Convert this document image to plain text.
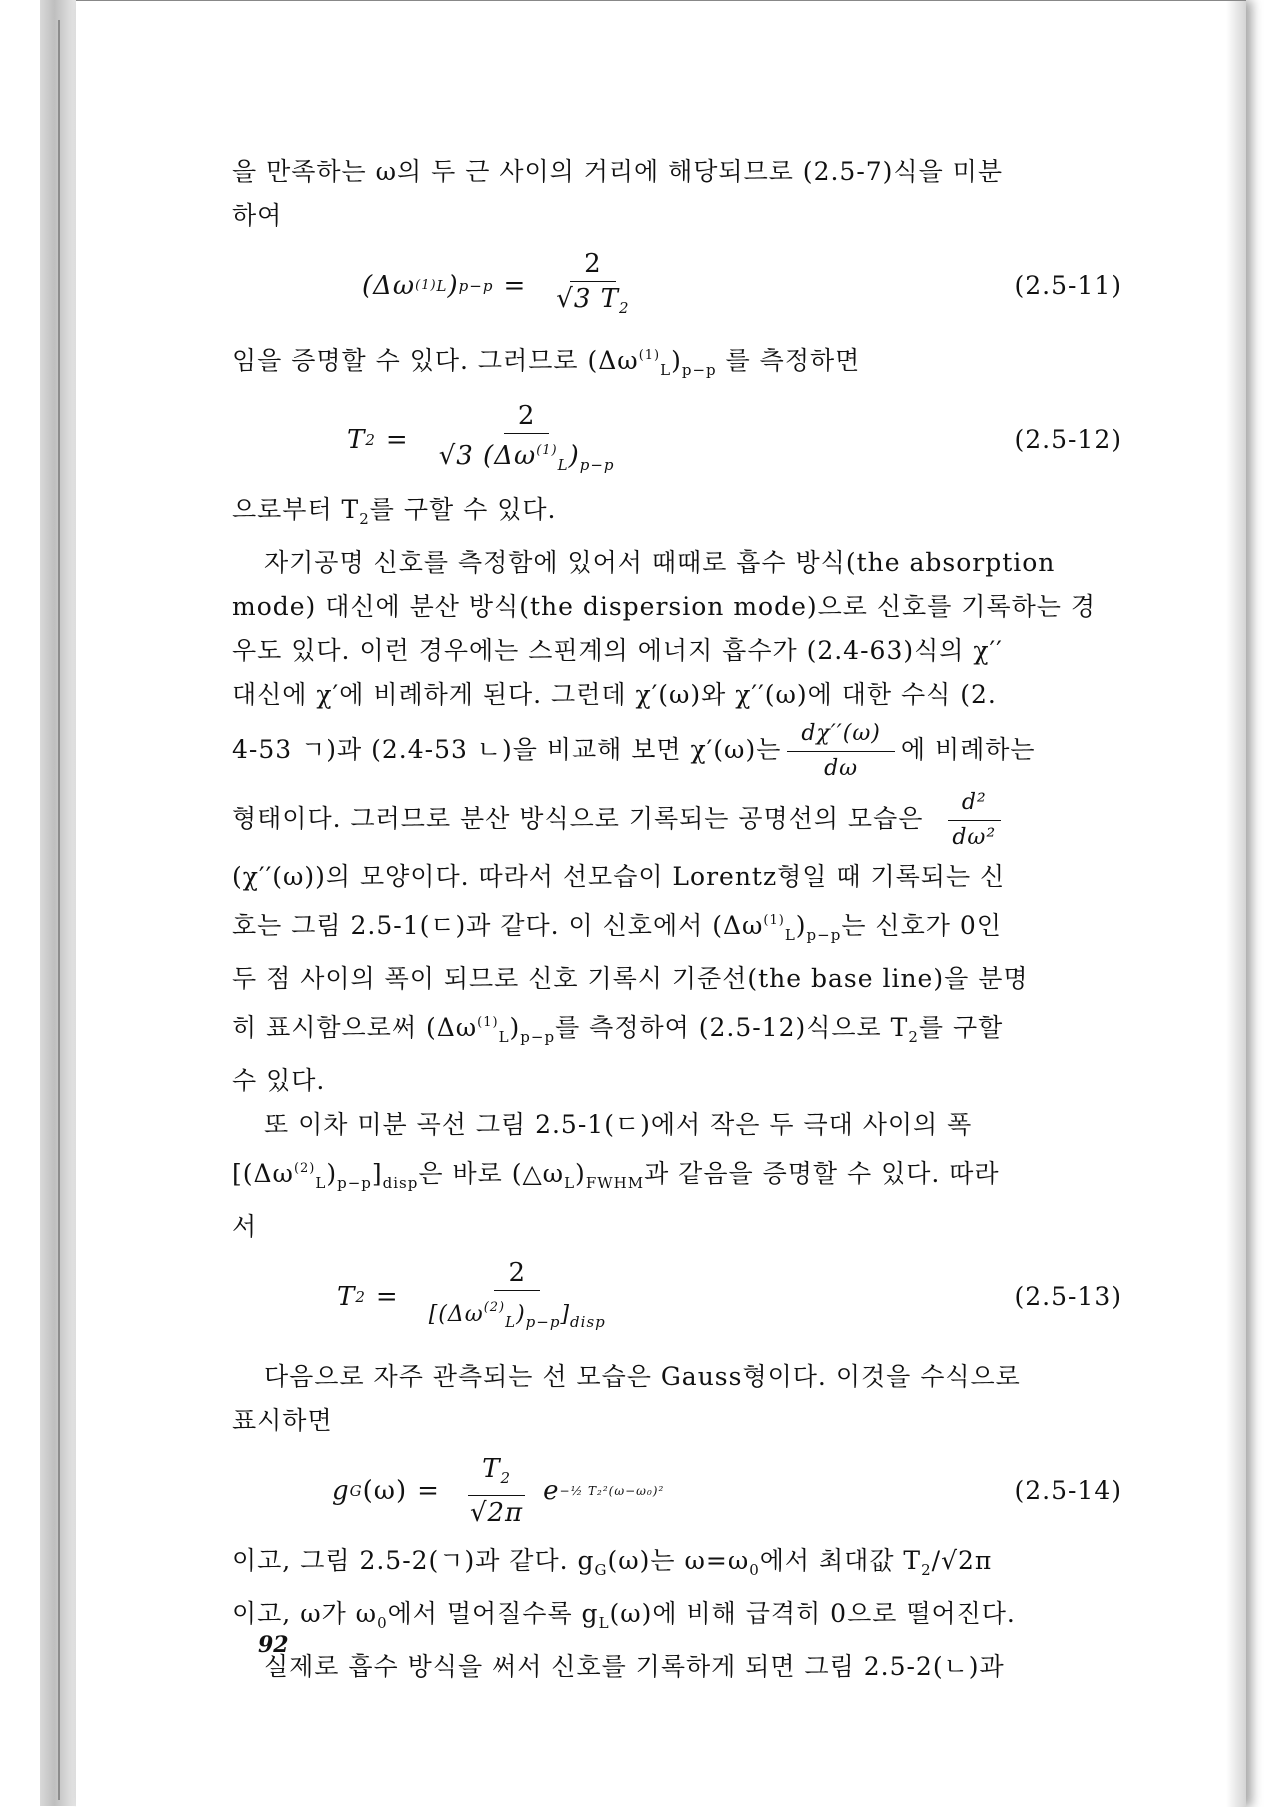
을 만족하는 ω의 두 근 사이의 거리에 해당되므로 (2.5-7)식을 미분
하여

(Δω (1) L ) $p-p = \frac{2}{√3 T_2}$	(2.5-11)

임을 증명할 수 있다. 그러므로 $(\Delta\omega^{(1)}_L)_{p-p}$ 를 측정하면

T $2 = \frac{2}{√3 (\Delta\omega^{(1)}_L)_{p-p}}$	(2.5-12)

으로부터 $T_2$를 구할 수 있다.
자기공명 신호를 측정함에 있어서 때때로 흡수 방식(the absorption
mode) 대신에 분산 방식(the dispersion mode)으로 신호를 기록하는 경
우도 있다. 이런 경우에는 스핀계의 에너지 흡수가 (2.4-63)식의 χ′′
대신에 χ′에 비례하게 된다. 그런데 χ′(ω)와 χ′′(ω)에 대한 수식 (2.
4-53 ㄱ)과 (2.4-53 ㄴ)을 비교해 보면 χ′(ω)는 $\frac{d\chi''(\omega)}{d\omega}$ 에 비례하는
형태이다. 그러므로 분산 방식으로 기록되는 공명선의 모습은 $\frac{\text{d²}}{\text{dω²}}$
(χ′′(ω))의 모양이다. 따라서 선모습이 Lorentz형일 때 기록되는 신
호는 그림 2.5-1(ㄷ)과 같다. 이 신호에서 $(\Delta\omega^{(1)}_L)_{p-p}$는 신호가 0인
두 점 사이의 폭이 되므로 신호 기록시 기준선(the base line)을 분명
히 표시함으로써 $(\Delta\omega^{(1)}_L)_{p-p}$를 측정하여 (2.5-12)식으로 $T_2$를 구할
수 있다.
또 이차 미분 곡선 그림 2.5-1(ㄷ)에서 작은 두 극대 사이의 폭
$[(\Delta\omega^{(2)}_L)_{p-p}]_{disp}$은 바로 $(\triangle\omega_L)_{FWHM}$과 같음을 증명할 수 있다. 따라
서

T $2 = \frac{2}{[(\Delta\omega^{(2)}_L)_{p-p}]_{disp}}$	(2.5-13)

다음으로 자주 관측되는 선 모습은 Gauss형이다. 이것을 수식으로
표시하면

g G $(\omega) = \frac{T_2}{√2\pi}$ e −½ T₂²(ω−ω₀)²	(2.5-14)

이고, 그림 2.5-2(ㄱ)과 같다. $g_G(\omega)$는 $\omega=\omega_0$에서 최대값 $T_2/√2\pi$
이고, ω가 $\omega_0$에서 멀어질수록 $g_L(\omega)$에 비해 급격히 0으로 떨어진다.
실제로 흡수 방식을 써서 신호를 기록하게 되면 그림 2.5-2(ㄴ)과

92
